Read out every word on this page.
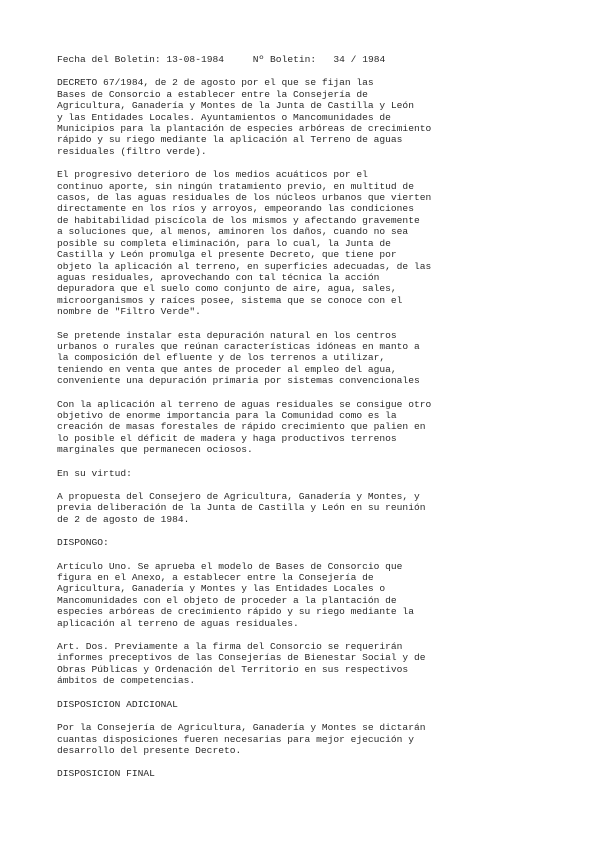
Fecha del Boletin: 13-08-1984	Nº Boletin: 34 / 1984
DECRETO 67/1984, de 2 de agosto por el que se fijan las
Bases de Consorcio a establecer entre la Consejería de
Agricultura, Ganadería y Montes de la Junta de Castilla y León
y las Entidades Locales. Ayuntamientos o Mancomunidades de
Municipios para la plantación de especies arbóreas de crecimiento
rápido y su riego mediante la aplicación al Terreno de aguas
residuales (filtro verde).
El progresivo deterioro de los medios acuáticos por el
continuo aporte, sin ningún tratamiento previo, en multitud de
casos, de las aguas residuales de los núcleos urbanos que vierten
directamente en los ríos y arroyos, empeorando las condiciones
de habitabilidad piscícola de los mismos y afectando gravemente
a soluciones que, al menos, aminoren los daños, cuando no sea
posible su completa eliminación, para lo cual, la Junta de
Castilla y León promulga el presente Decreto, que tiene por
objeto la aplicación al terreno, en superficies adecuadas, de las
aguas residuales, aprovechando con tal técnica la acción
depuradora que el suelo como conjunto de aire, agua, sales,
microorganismos y raíces posee, sistema que se conoce con el
nombre de "Filtro Verde".
Se pretende instalar esta depuración natural en los centros
urbanos o rurales que reúnan características idóneas en manto a
la composición del efluente y de los terrenos a utilizar,
teniendo en venta que antes de proceder al empleo del agua,
conveniente una depuración primaria por sistemas convencionales
Con la aplicación al terreno de aguas residuales se consigue otro
objetivo de enorme importancia para la Comunidad como es la
creación de masas forestales de rápido crecimiento que palien en
lo posible el déficit de madera y haga productivos terrenos
marginales que permanecen ociosos.
En su virtud:
A propuesta del Consejero de Agricultura, Ganadería y Montes, y
previa deliberación de la Junta de Castilla y León en su reunión
de 2 de agosto de 1984.
DISPONGO:
Artículo Uno. Se aprueba el modelo de Bases de Consorcio que
figura en el Anexo, a establecer entre la Consejería de
Agricultura, Ganadería y Montes y las Entidades Locales o
Mancomunidades con el objeto de proceder a la plantación de
especies arbóreas de crecimiento rápido y su riego mediante la
aplicación al terreno de aguas residuales.
Art. Dos. Previamente a la firma del Consorcio se requerirán
informes preceptivos de las Consejerías de Bienestar Social y de
Obras Públicas y Ordenación del Territorio en sus respectivos
ámbitos de competencias.
DISPOSICION ADICIONAL
Por la Consejería de Agricultura, Ganadería y Montes se dictarán
cuantas disposiciones fueren necesarias para mejor ejecución y
desarrollo del presente Decreto.
DISPOSICION FINAL
